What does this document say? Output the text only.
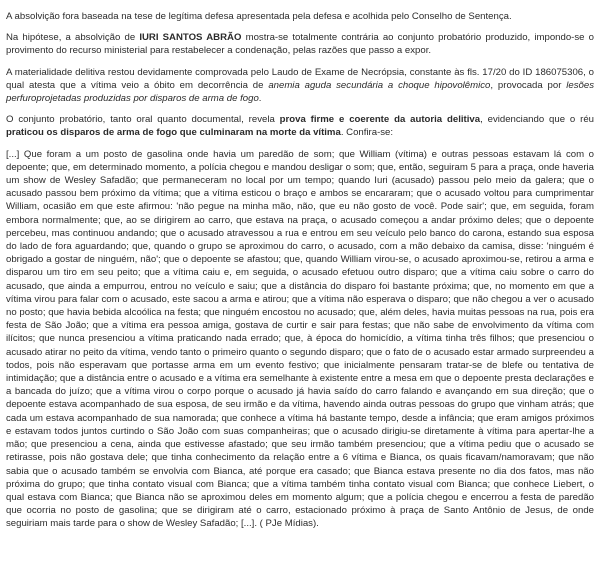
A absolvição fora baseada na tese de legítima defesa apresentada pela defesa e acolhida pelo Conselho de Sentença.

Na hipótese, a absolvição de IURI SANTOS ABRÃO mostra-se totalmente contrária ao conjunto probatório produzido, impondo-se o provimento do recurso ministerial para restabelecer a condenação, pelas razões que passo a expor.

A materialidade delitiva restou devidamente comprovada pelo Laudo de Exame de Necrópsia, constante às fls. 17/20 do ID 186075306, o qual atesta que a vítima veio a óbito em decorrência de anemia aguda secundária a choque hipovolêmico, provocada por lesões perfuroprojetadas produzidas por disparos de arma de fogo.

O conjunto probatório, tanto oral quanto documental, revela prova firme e coerente da autoria delitiva, evidenciando que o réu praticou os disparos de arma de fogo que culminaram na morte da vítima. Confira-se:

[...] Que foram a um posto de gasolina onde havia um paredão de som; que William (vítima) e outras pessoas estavam lá com o depoente; que, em determinado momento, a polícia chegou e mandou desligar o som; que, então, seguiram 5 para a praça, onde haveria um show de Wesley Safadão; que permaneceram no local por um tempo; quando Iuri (acusado) passou pelo meio da galera; que o acusado passou bem próximo da vítima; que a vítima esticou o braço e ambos se encararam; que o acusado voltou para cumprimentar William, ocasião em que este afirmou: 'não pegue na minha mão, não, que eu não gosto de você. Pode sair'; que, em seguida, foram embora normalmente; que, ao se dirigirem ao carro, que estava na praça, o acusado começou a andar próximo deles; que o depoente percebeu, mas continuou andando; que o acusado atravessou a rua e entrou em seu veículo pelo banco do carona, estando sua esposa do lado de fora aguardando; que, quando o grupo se aproximou do carro, o acusado, com a mão debaixo da camisa, disse: 'ninguém é obrigado a gostar de ninguém, não'; que o depoente se afastou; que, quando William virou-se, o acusado aproximou-se, retirou a arma e disparou um tiro em seu peito; que a vítima caiu e, em seguida, o acusado efetuou outro disparo; que a vítima caiu sobre o carro do acusado, que ainda a empurrou, entrou no veículo e saiu; que a distância do disparo foi bastante próxima; que, no momento em que a vítima virou para falar com o acusado, este sacou a arma e atirou; que a vítima não esperava o disparo; que não chegou a ver o acusado no posto; que havia bebida alcoólica na festa; que ninguém encostou no acusado; que, além deles, havia muitas pessoas na rua, pois era festa de São João; que a vítima era pessoa amiga, gostava de curtir e sair para festas; que não sabe de envolvimento da vítima com ilícitos; que nunca presenciou a vítima praticando nada errado; que, à época do homicídio, a vítima tinha três filhos; que presenciou o acusado atirar no peito da vítima, vendo tanto o primeiro quanto o segundo disparo; que o fato de o acusado estar armado surpreendeu a todos, pois não esperavam que portasse arma em um evento festivo; que inicialmente pensaram tratar-se de blefe ou tentativa de intimidação; que a distância entre o acusado e a vítima era semelhante à existente entre a mesa em que o depoente presta declarações e a bancada do juízo; que a vítima virou o corpo porque o acusado já havia saído do carro falando e avançando em sua direção; que o depoente estava acompanhado de sua esposa, de seu irmão e da vítima, havendo ainda outras pessoas do grupo que vinham atrás; que cada um estava acompanhado de sua namorada; que conhece a vítima há bastante tempo, desde a infância; que eram amigos próximos e estavam todos juntos curtindo o São João com suas companheiras; que o acusado dirigiu-se diretamente à vítima para apertar-lhe a mão; que presenciou a cena, ainda que estivesse afastado; que seu irmão também presenciou; que a vítima pediu que o acusado se retirasse, pois não gostava dele; que tinha conhecimento da relação entre a 6 vítima e Bianca, os quais ficavam/namoravam; que não sabia que o acusado também se envolvia com Bianca, até porque era casado; que Bianca estava presente no dia dos fatos, mas não próxima do grupo; que tinha contato visual com Bianca; que a vítima também tinha contato visual com Bianca; que conhece Liebert, o qual estava com Bianca; que Bianca não se aproximou deles em momento algum; que a polícia chegou e encerrou a festa de paredão que ocorria no posto de gasolina; que se dirigiram até o carro, estacionado próximo à praça de Santo Antônio de Jesus, de onde seguiriam mais tarde para o show de Wesley Safadão; [...]. ( PJe Mídias).
